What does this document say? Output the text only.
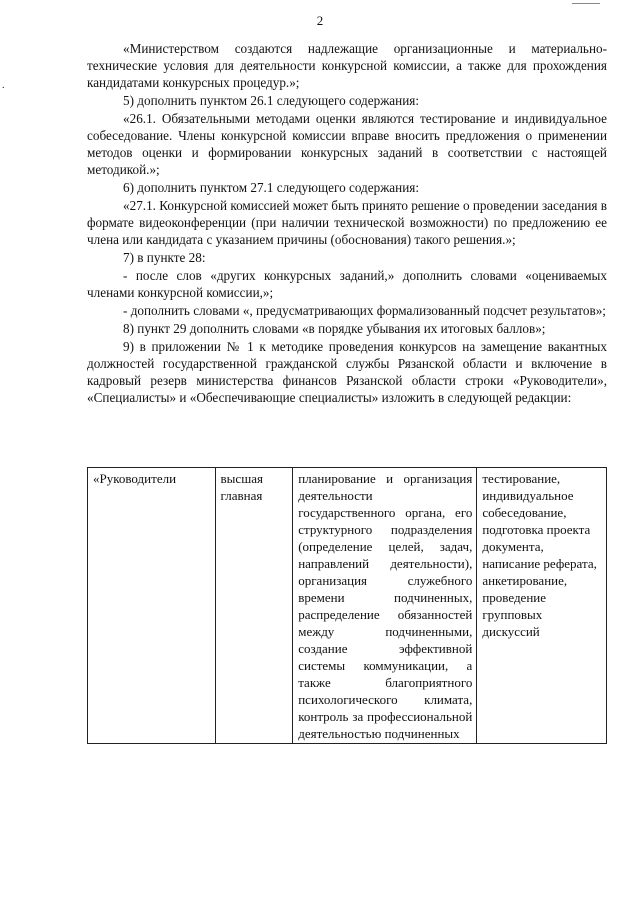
.
2

«Министерством создаются надлежащие организационные и материально-технические условия для деятельности конкурсной комиссии, а также для прохождения кандидатами конкурсных процедур.»;

5) дополнить пунктом 26.1 следующего содержания:

«26.1. Обязательными методами оценки являются тестирование и индивидуальное собеседование. Члены конкурсной комиссии вправе вносить предложения о применении методов оценки и формировании конкурсных заданий в соответствии с настоящей методикой.»;

6) дополнить пунктом 27.1 следующего содержания:

«27.1. Конкурсной комиссией может быть принято решение о проведении заседания в формате видеоконференции (при наличии технической возможности) по предложению ее члена или кандидата с указанием причины (обоснования) такого решения.»;

7) в пункте 28:

- после слов «других конкурсных заданий,» дополнить словами «оцениваемых членами конкурсной комиссии,»;

- дополнить словами «, предусматривающих формализованный подсчет результатов»;

8) пункт 29 дополнить словами «в порядке убывания их итоговых баллов»;

9) в приложении № 1 к методике проведения конкурсов на замещение вакантных должностей государственной гражданской службы Рязанской области и включение в кадровый резерв министерства финансов Рязанской области строки «Руководители», «Специалисты» и «Обеспечивающие специалисты» изложить в следующей редакции:

«Руководители	высшая главная	планирование и организация деятельности государственного органа, его структурного подразделения (определение целей, задач, направлений деятельности), организация служебного времени подчиненных, распределение обязанностей между подчиненными, создание эффективной системы коммуникации, а также благоприятного психологического климата, контроль за профессиональной деятельностью подчиненных	тестирование, индивидуальное собеседование, подготовка проекта документа, написание реферата, анкетирование, проведение групповых дискуссий
